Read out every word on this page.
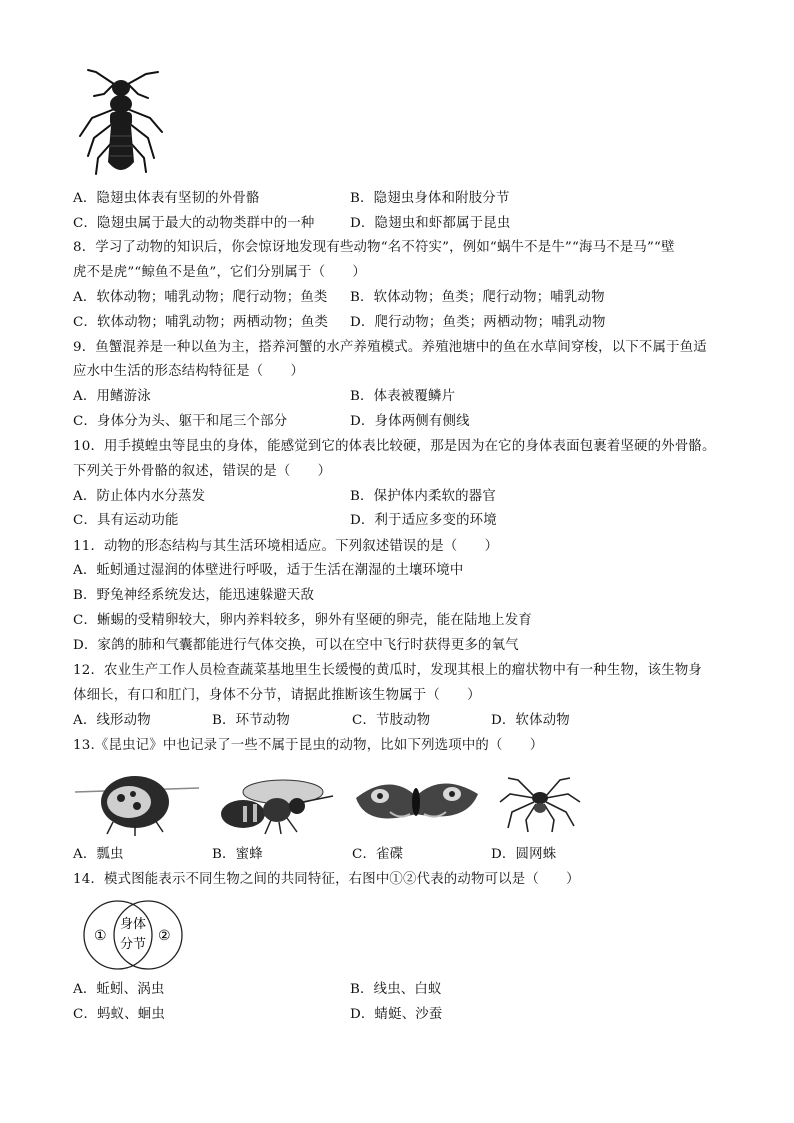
A．隐翅虫体表有坚韧的外骨骼	B．隐翅虫身体和附肢分节
C．隐翅虫属于最大的动物类群中的一种	D．隐翅虫和虾都属于昆虫
8．学习了动物的知识后，你会惊讶地发现有些动物“名不符实”，例如“蜗牛不是牛”“海马不是马”“壁
虎不是虎”“鲸鱼不是鱼”，它们分别属于（　　）
A．软体动物；哺乳动物；爬行动物；鱼类 B．软体动物；鱼类；爬行动物；哺乳动物
C．软体动物；哺乳动物；两栖动物；鱼类 D．爬行动物；鱼类；两栖动物；哺乳动物
9．鱼蟹混养是一种以鱼为主，搭养河蟹的水产养殖模式。养殖池塘中的鱼在水草间穿梭，以下不属于鱼适
应水中生活的形态结构特征是（　　）
A．用鳍游泳	B．体表被覆鳞片
C．身体分为头、躯干和尾三个部分	D．身体两侧有侧线
10．用手摸蝗虫等昆虫的身体，能感觉到它的体表比较硬，那是因为在它的身体表面包裹着坚硬的外骨骼。
下列关于外骨骼的叙述，错误的是（　　）
A．防止体内水分蒸发	B．保护体内柔软的器官
C．具有运动功能	D．利于适应多变的环境
11．动物的形态结构与其生活环境相适应。下列叙述错误的是（　　）
A．蚯蚓通过湿润的体壁进行呼吸，适于生活在潮湿的土壤环境中
B．野兔神经系统发达，能迅速躲避天敌
C．蜥蜴的受精卵较大，卵内养料较多，卵外有坚硬的卵壳，能在陆地上发育
D．家鸽的肺和气囊都能进行气体交换，可以在空中飞行时获得更多的氧气
12．农业生产工作人员检查蔬菜基地里生长缓慢的黄瓜时，发现其根上的瘤状物中有一种生物，该生物身
体细长，有口和肛门，身体不分节，请据此推断该生物属于（　　）
A．线形动物	B．环节动物	C．节肢动物	D．软体动物
13.《昆虫记》中也记录了一些不属于昆虫的动物，比如下列选项中的（　　）
A．瓢虫	B．蜜蜂	C．雀碟	D．圆网蛛
14．模式图能表示不同生物之间的共同特征，右图中①②代表的动物可以是（　　）
①	②
身体
分节
A．蚯蚓、涡虫	B．线虫、白蚁
C．蚂蚁、蛔虫	D．蜻蜓、沙蚕
